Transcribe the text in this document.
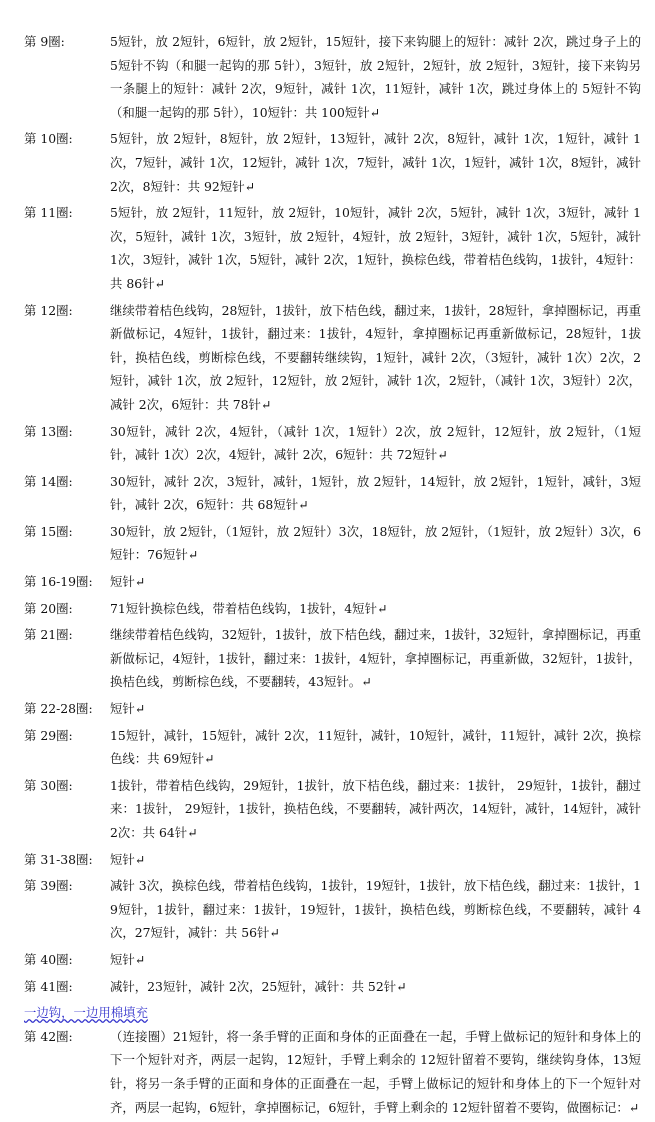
第 9圈:	5短针，放 2短针，6短针，放 2短针，15短针，接下来钩腿上的短针：减针 2次，跳过身子上的 5短针不钩（和腿一起钩的那 5针），3短针，放 2短针，2短针，放 2短针，3短针，接下来钩另一条腿上的短针：减针 2次，9短针，减针 1次，11短针，减针 1次，跳过身体上的 5短针不钩（和腿一起钩的那 5针），10短针：共 100短针↵
第 10圈:	5短针，放 2短针，8短针，放 2短针，13短针，减针 2次，8短针，减针 1次，1短针，减针 1次，7短针，减针 1次，12短针，减针 1次，7短针，减针 1次，1短针，减针 1次，8短针，减针 2次，8短针：共 92短针↵
第 11圈:	5短针，放 2短针，11短针，放 2短针，10短针，减针 2次，5短针，减针 1次，3短针，减针 1次，5短针，减针 1次，3短针，放 2短针，4短针，放 2短针，3短针，减针 1次，5短针，减针 1次，3短针，减针 1次，5短针，减针 2次，1短针，换棕色线，带着桔色线钩，1拔针，4短针：共 86针↵
第 12圈:	继续带着桔色线钩，28短针，1拔针，放下桔色线，翻过来，1拔针，28短针，拿掉圈标记，再重新做标记，4短针，1拔针，翻过来：1拔针，4短针，拿掉圈标记再重新做标记，28短针，1拔针，换桔色线，剪断棕色线，不要翻转继续钩，1短针，减针 2次，（3短针，减针 1次）2次，2短针，减针 1次，放 2短针，12短针，放 2短针，减针 1次，2短针，（减针 1次，3短针）2次，减针 2次，6短针：共 78针↵
第 13圈:	30短针，减针 2次，4短针，（减针 1次，1短针）2次，放 2短针，12短针，放 2短针，（1短针，减针 1次）2次，4短针，减针 2次，6短针：共 72短针↵
第 14圈:	30短针，减针 2次，3短针，减针，1短针，放 2短针，14短针，放 2短针，1短针，减针，3短针，减针 2次，6短针：共 68短针↵
第 15圈:	30短针，放 2短针，（1短针，放 2短针）3次，18短针，放 2短针，（1短针，放 2短针）3次，6短针：76短针↵
第 16-19圈:	短针↵
第 20圈:	71短针换棕色线，带着桔色线钩，1拔针，4短针↵
第 21圈:	继续带着桔色线钩，32短针，1拔针，放下桔色线，翻过来，1拔针，32短针，拿掉圈标记，再重新做标记，4短针，1拔针，翻过来：1拔针，4短针，拿掉圈标记，再重新做，32短针，1拔针，换桔色线，剪断棕色线，不要翻转，43短针。↵
第 22-28圈:	短针↵
第 29圈:	15短针，减针，15短针，减针 2次，11短针，减针，10短针，减针，11短针，减针 2次，换棕色线：共 69短针↵
第 30圈:	1拔针，带着桔色线钩，29短针，1拔针，放下桔色线，翻过来：1拔针， 29短针，1拔针，翻过来：1拔针， 29短针，1拔针，换桔色线，不要翻转，减针两次，14短针，减针，14短针，减针 2次：共 64针↵
第 31-38圈:	短针↵
第 39圈:	减针 3次，换棕色线，带着桔色线钩，1拔针，19短针，1拔针，放下桔色线，翻过来：1拔针，19短针，1拔针，翻过来：1拔针，19短针，1拔针，换桔色线，剪断棕色线，不要翻转，减针 4次，27短针，减针：共 56针↵
第 40圈:	短针↵
第 41圈:	减针，23短针，减针 2次，25短针，减针：共 52针↵
一边钩，一边用棉填充
第 42圈:	（连接圈）21短针，将一条手臂的正面和身体的正面叠在一起，手臂上做标记的短针和身体上的下一个短针对齐，两层一起钩，12短针，手臂上剩余的 12短针留着不要钩，继续钩身体，13短针，将另一条手臂的正面和身体的正面叠在一起，手臂上做标记的短针和身体上的下一个短针对齐，两层一起钩，6短针，拿掉圈标记，6短针，手臂上剩余的 12短针留着不要钩，做圈标记：↵
